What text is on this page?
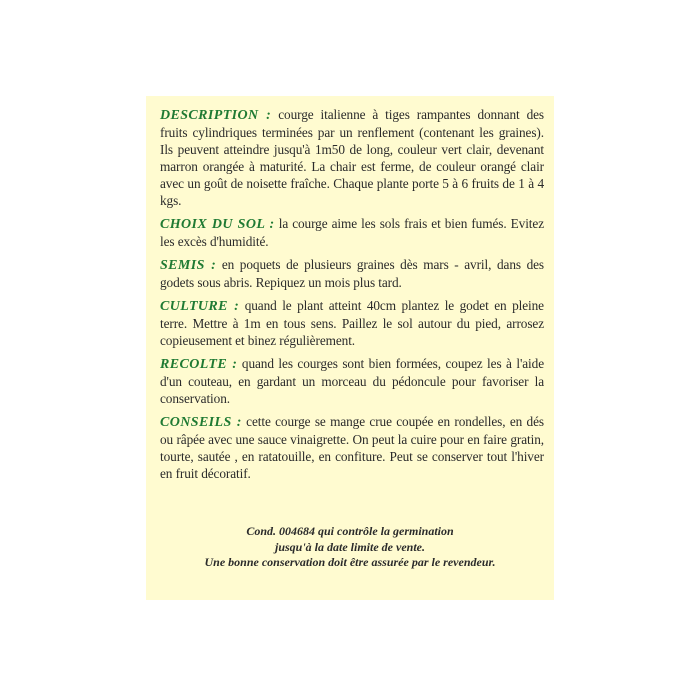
DESCRIPTION : courge italienne à tiges rampantes donnant des fruits cylindriques terminées par un renflement (contenant les graines). Ils peuvent atteindre jusqu'à 1m50 de long, couleur vert clair, devenant marron orangée à maturité. La chair est ferme, de couleur orangé clair avec un goût de noisette fraîche. Chaque plante porte 5 à 6 fruits de 1 à 4 kgs.

CHOIX DU SOL : la courge aime les sols frais et bien fumés. Evitez les excès d'humidité.

SEMIS : en poquets de plusieurs graines dès mars - avril, dans des godets sous abris. Repiquez un mois plus tard.

CULTURE : quand le plant atteint 40cm plantez le godet en pleine terre. Mettre à 1m en tous sens. Paillez le sol autour du pied, arrosez copieusement et binez régulièrement.

RECOLTE : quand les courges sont bien formées, coupez les à l'aide d'un couteau, en gardant un morceau du pédoncule pour favoriser la conservation.

CONSEILS : cette courge se mange crue coupée en rondelles, en dés ou râpée avec une sauce vinaigrette. On peut la cuire pour en faire gratin, tourte, sautée , en ratatouille, en confiture. Peut se conserver tout l'hiver en fruit décoratif.

Cond. 004684 qui contrôle la germination
jusqu'à la date limite de vente.
Une bonne conservation doit être assurée par le revendeur.
